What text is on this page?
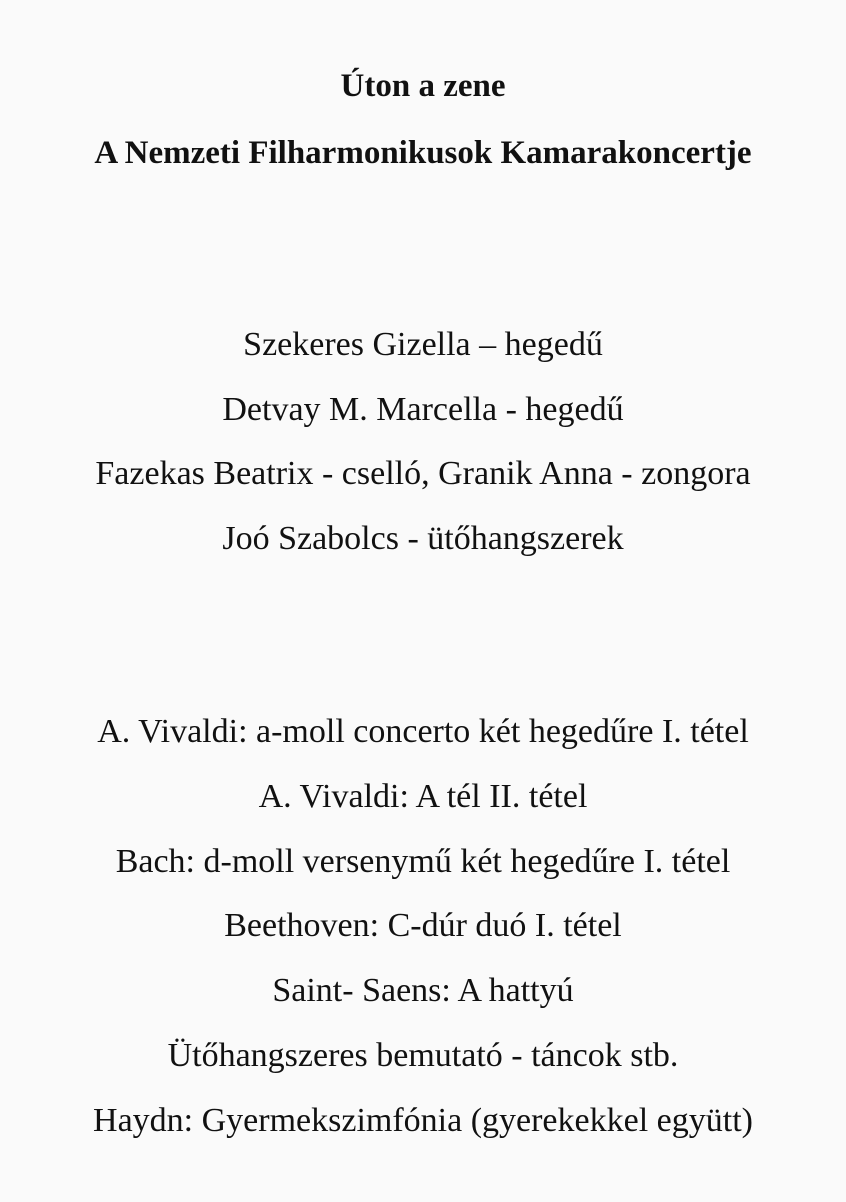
Úton a zene
A Nemzeti Filharmonikusok Kamarakoncertje
Szekeres Gizella – hegedű
Detvay M. Marcella - hegedű
Fazekas Beatrix - cselló, Granik Anna - zongora
Joó Szabolcs - ütőhangszerek
A. Vivaldi: a-moll concerto két hegedűre I. tétel
A. Vivaldi: A tél II. tétel
Bach: d-moll versenymű két hegedűre I. tétel
Beethoven: C-dúr duó I. tétel
Saint- Saens: A hattyú
Ütőhangszeres bemutató - táncok stb.
Haydn: Gyermekszimfónia (gyerekekkel együtt)
